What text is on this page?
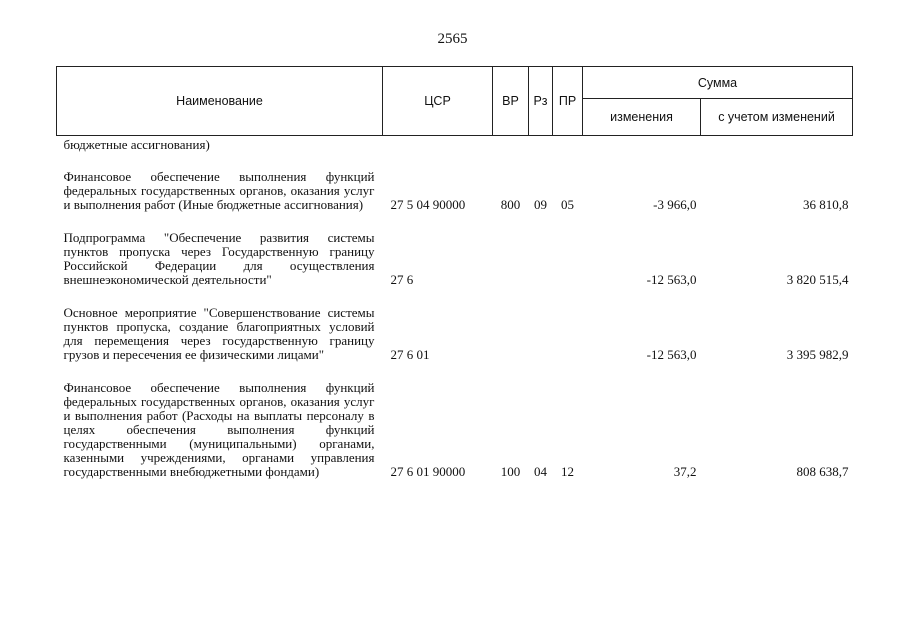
2565
Наименование	ЦСР	ВР	Рз	ПР	Сумма	
					изменения	с учетом изменений
бюджетные ассигнования)						
Финансовое обеспечение выполнения функций федеральных государственных органов, оказания услуг и выполнения работ (Иные бюджетные ассигнования)	27 5 04 90000	800	09	05	-3 966,0	36 810,8
Подпрограмма "Обеспечение развития системы пунктов пропуска через Государственную границу Российской Федерации для осуществления внешнеэкономической деятельности"	27 6				-12 563,0	3 820 515,4
Основное мероприятие "Совершенствование системы пунктов пропуска, создание благоприятных условий для перемещения через государственную границу грузов и пересечения ее физическими лицами"	27 6 01				-12 563,0	3 395 982,9
Финансовое обеспечение выполнения функций федеральных государственных органов, оказания услуг и выполнения работ (Расходы на выплаты персоналу в целях обеспечения выполнения функций государственными (муниципальными) органами, казенными учреждениями, органами управления государственными внебюджетными фондами)	27 6 01 90000	100	04	12	37,2	808 638,7
